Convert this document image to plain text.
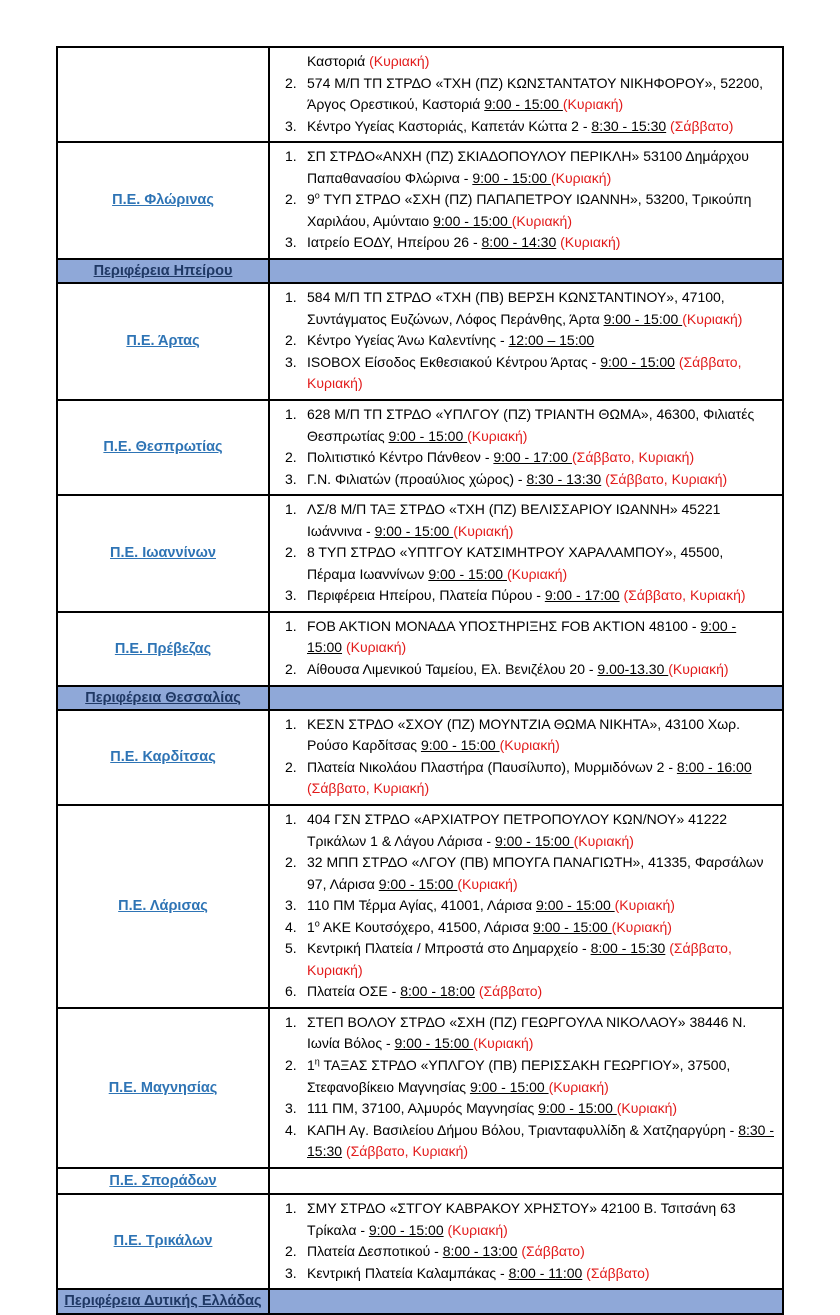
Καστοριά (Κυριακή)
2. 574 Μ/Π ΤΠ ΣΤΡΔΟ «ΤΧΗ (ΠΖ) ΚΩΝΣΤΑΝΤΑΤΟΥ ΝΙΚΗΦΟΡΟΥ», 52200, Άργος Ορεστικού, Καστοριά 9:00 - 15:00 (Κυριακή)
3. Κέντρο Υγείας Καστοριάς, Καπετάν Κώττα 2 - 8:30 - 15:30 (Σάββατο)
Π.Ε. Φλώρινας
1. ΣΠ ΣΤΡΔΟ«ΑΝΧΗ (ΠΖ) ΣΚΙΑΔΟΠΟΥΛΟΥ ΠΕΡΙΚΛΗ» 53100 Δημάρχου Παπαθανασίου Φλώρινα - 9:00 - 15:00 (Κυριακή)
2. $9^o$ ΤΥΠ ΣΤΡΔΟ «ΣΧΗ (ΠΖ) ΠΑΠΑΠΕΤΡΟΥ ΙΩΑΝΝΗ», 53200, Τρικούπη Χαριλάου, Αμύνταιο 9:00 - 15:00 (Κυριακή)
3. Ιατρείο ΕΟΔΥ, Ηπείρου 26 - 8:00 - 14:30 (Κυριακή)
Περιφέρεια Ηπείρου
Π.Ε. Άρτας
1. 584 Μ/Π ΤΠ ΣΤΡΔΟ «ΤΧΗ (ΠΒ) ΒΕΡΣΗ ΚΩΝΣΤΑΝΤΙΝΟΥ», 47100, Συντάγματος Ευζώνων, Λόφος Περάνθης, Άρτα 9:00 - 15:00 (Κυριακή)
2. Κέντρο Υγείας Άνω Καλεντίνης - 12:00 – 15:00
3. ISOBOX Είσοδος Εκθεσιακού Κέντρου Άρτας - 9:00 - 15:00 (Σάββατο, Κυριακή)
Π.Ε. Θεσπρωτίας
1. 628 Μ/Π ΤΠ ΣΤΡΔΟ «ΥΠΛΓΟΥ (ΠΖ) ΤΡΙΑΝΤΗ ΘΩΜΑ», 46300, Φιλιατές Θεσπρωτίας 9:00 - 15:00 (Κυριακή)
2. Πολιτιστικό Κέντρο Πάνθεον - 9:00 - 17:00 (Σάββατο, Κυριακή)
3. Γ.Ν. Φιλιατών (προαύλιος χώρος) - 8:30 - 13:30 (Σάββατο, Κυριακή)
Π.Ε. Ιωαννίνων
1. ΛΣ/8 Μ/Π ΤΑΞ ΣΤΡΔΟ «ΤΧΗ (ΠΖ) ΒΕΛΙΣΣΑΡΙΟΥ ΙΩΑΝΝΗ» 45221 Ιωάννινα - 9:00 - 15:00 (Κυριακή)
2. 8 ΤΥΠ ΣΤΡΔΟ «ΥΠΤΓΟΥ ΚΑΤΣΙΜΗΤΡΟΥ ΧΑΡΑΛΑΜΠΟΥ», 45500, Πέραμα Ιωαννίνων 9:00 - 15:00 (Κυριακή)
3. Περιφέρεια Ηπείρου, Πλατεία Πύρου - 9:00 - 17:00 (Σάββατο, Κυριακή)
Π.Ε. Πρέβεζας
1. FOB AKTION ΜΟΝΑΔΑ ΥΠΟΣΤΗΡΙΞΗΣ FOB AKTION 48100 - 9:00 - 15:00 (Κυριακή)
2. Αίθουσα Λιμενικού Ταμείου, Ελ. Βενιζέλου 20 - 9.00-13.30 (Κυριακή)
Περιφέρεια Θεσσαλίας
Π.Ε. Καρδίτσας
1. ΚΕΣΝ ΣΤΡΔΟ «ΣΧΟΥ (ΠΖ) ΜΟΥΝΤΖΙΑ ΘΩΜΑ ΝΙΚΗΤΑ», 43100 Χωρ. Ρούσο Καρδίτσας 9:00 - 15:00 (Κυριακή)
2. Πλατεία Νικολάου Πλαστήρα (Παυσίλυπο), Μυρμιδόνων 2 - 8:00 - 16:00 (Σάββατο, Κυριακή)
Π.Ε. Λάρισας
1. 404 ΓΣΝ ΣΤΡΔΟ «ΑΡΧΙΑΤΡΟΥ ΠΕΤΡΟΠΟΥΛΟΥ ΚΩΝ/ΝΟΥ» 41222 Τρικάλων 1 & Λάγου Λάρισα - 9:00 - 15:00 (Κυριακή)
2. 32 ΜΠΠ ΣΤΡΔΟ «ΛΓΟΥ (ΠΒ) ΜΠΟΥΓΑ ΠΑΝΑΓΙΩΤΗ», 41335, Φαρσάλων 97, Λάρισα 9:00 - 15:00 (Κυριακή)
3. 110 ΠΜ Τέρμα Αγίας, 41001, Λάρισα 9:00 - 15:00 (Κυριακή)
4. $1^o$ ΑΚΕ Κουτσόχερο, 41500, Λάρισα 9:00 - 15:00 (Κυριακή)
5. Κεντρική Πλατεία / Μπροστά στο Δημαρχείο - 8:00 - 15:30 (Σάββατο, Κυριακή)
6. Πλατεία ΟΣΕ - 8:00 - 18:00 (Σάββατο)
Π.Ε. Μαγνησίας
1. ΣΤΕΠ ΒΟΛΟΥ ΣΤΡΔΟ «ΣΧΗ (ΠΖ) ΓΕΩΡΓΟΥΛΑ ΝΙΚΟΛΑΟΥ» 38446 Ν. Ιωνία Βόλος - 9:00 - 15:00 (Κυριακή)
2. $1^\eta$ ΤΑΞΑΣ ΣΤΡΔΟ «ΥΠΛΓΟΥ (ΠΒ) ΠΕΡΙΣΣΑΚΗ ΓΕΩΡΓΙΟΥ», 37500, Στεφανοβίκειο Μαγνησίας 9:00 - 15:00 (Κυριακή)
3. 111 ΠΜ, 37100, Αλμυρός Μαγνησίας 9:00 - 15:00 (Κυριακή)
4. ΚΑΠΗ Αγ. Βασιλείου Δήμου Βόλου, Τριανταφυλλίδη & Χατζηαργύρη - 8:30 - 15:30 (Σάββατο, Κυριακή)
Π.Ε. Σποράδων
Π.Ε. Τρικάλων
1. ΣΜΥ ΣΤΡΔΟ «ΣΤΓΟΥ ΚΑΒΡΑΚΟΥ ΧΡΗΣΤΟΥ» 42100 Β. Τσιτσάνη 63 Τρίκαλα - 9:00 - 15:00 (Κυριακή)
2. Πλατεία Δεσποτικού - 8:00 - 13:00 (Σάββατο)
3. Κεντρική Πλατεία Καλαμπάκας - 8:00 - 11:00 (Σάββατο)
Περιφέρεια Δυτικής Ελλάδας
